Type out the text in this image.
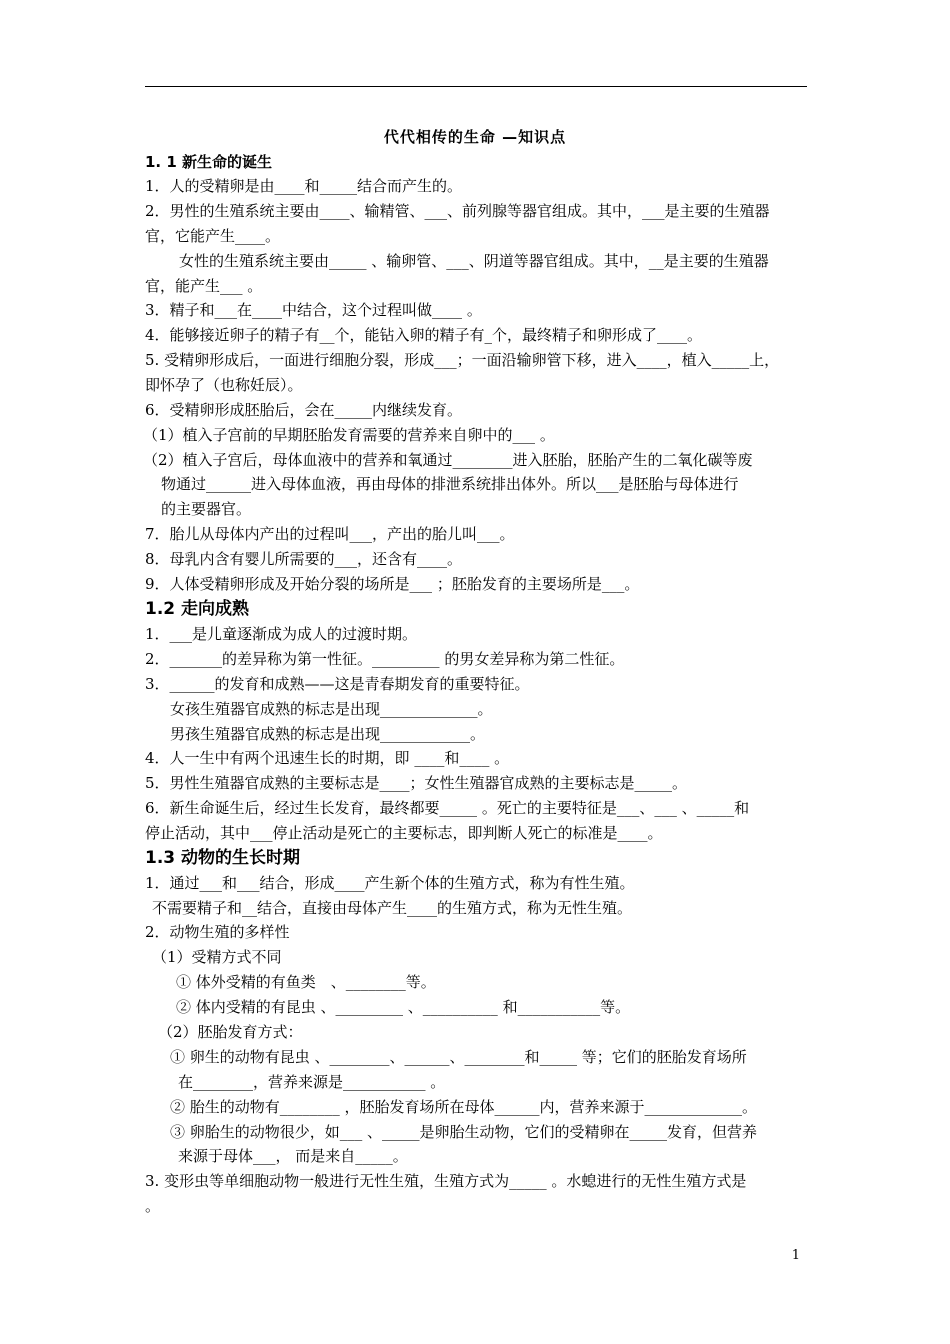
代代相传的生命 —知识点
1. 1 新生命的诞生
1．人的受精卵是由____和_____结合而产生的。
2．男性的生殖系统主要由____、输精管、___、前列腺等器官组成。其中，___是主要的生殖器
官，它能产生____。
女性的生殖系统主要由_____ 、输卵管、___、阴道等器官组成。其中，__是主要的生殖器
官，能产生___ 。
3．精子和___在____中结合，这个过程叫做____ 。
4．能够接近卵子的精子有__个，能钻入卵的精子有_个，最终精子和卵形成了____。
5. 受精卵形成后，一面进行细胞分裂，形成___；一面沿输卵管下移，进入____，植入_____上，
即怀孕了（也称妊辰）。
6．受精卵形成胚胎后，会在_____内继续发育。
（1）植入子宫前的早期胚胎发育需要的营养来自卵中的___ 。
（2）植入子宫后，母体血液中的营养和氧通过________进入胚胎，胚胎产生的二氧化碳等废
物通过______进入母体血液，再由母体的排泄系统排出体外。所以___是胚胎与母体进行
的主要器官。
7．胎儿从母体内产出的过程叫___，产出的胎儿叫___。
8．母乳内含有婴儿所需要的___，还含有____。
9．人体受精卵形成及开始分裂的场所是___ ；胚胎发育的主要场所是___。
1.2 走向成熟
1．___是儿童逐渐成为成人的过渡时期。
2．_______的差异称为第一性征。_________ 的男女差异称为第二性征。
3．______的发育和成熟——这是青春期发育的重要特征。
女孩生殖器官成熟的标志是出现_____________。
男孩生殖器官成熟的标志是出现____________。
4．人一生中有两个迅速生长的时期，即 ____和____ 。
5．男性生殖器官成熟的主要标志是____；女性生殖器官成熟的主要标志是_____。
6．新生命诞生后，经过生长发育，最终都要_____ 。死亡的主要特征是___、___ 、_____和
停止活动，其中___停止活动是死亡的主要标志，即判断人死亡的标准是____。
1.3 动物的生长时期
1．通过___和___结合，形成____产生新个体的生殖方式，称为有性生殖。
不需要精子和__结合，直接由母体产生____的生殖方式，称为无性生殖。
2．动物生殖的多样性
（1）受精方式不同
① 体外受精的有鱼类　、________等。
② 体内受精的有昆虫 、_________ 、__________ 和___________等。
（2）胚胎发育方式：
① 卵生的动物有昆虫 、________、______、________和_____ 等；它们的胚胎发育场所
在________，营养来源是___________ 。
② 胎生的动物有________ ，胚胎发育场所在母体______内，营养来源于_____________。
③ 卵胎生的动物很少，如___ 、_____是卵胎生动物，它们的受精卵在_____发育，但营养
来源于母体___， 而是来自_____。
3. 变形虫等单细胞动物一般进行无性生殖，生殖方式为_____ 。水螅进行的无性生殖方式是
。
1
